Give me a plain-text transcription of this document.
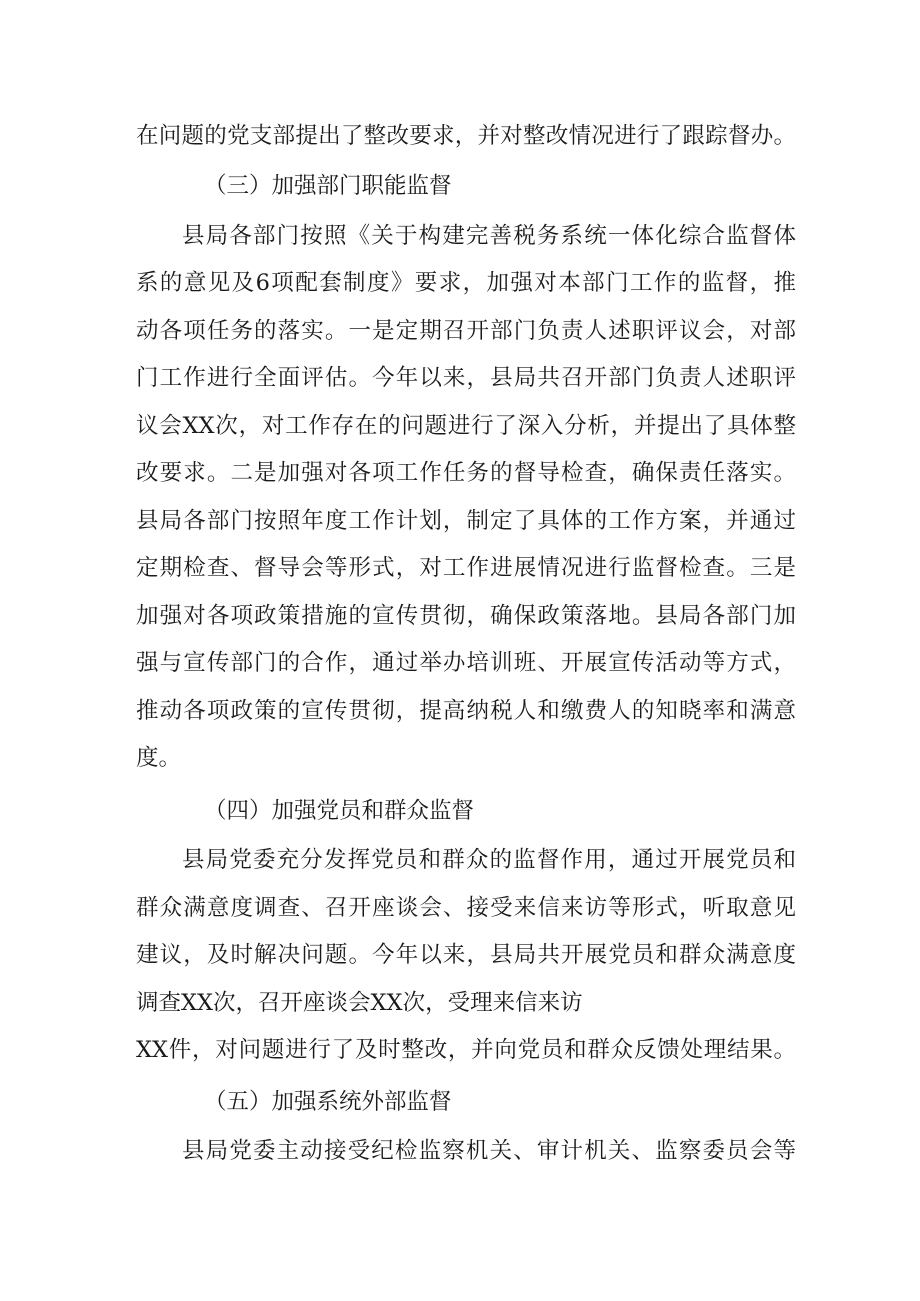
在问题的党支部提出了整改要求，并对整改情况进行了跟踪督办。
（三）加强部门职能监督
县局各部门按照《关于构建完善税务系统一体化综合监督体
系的意见及6项配套制度》要求，加强对本部门工作的监督，推
动各项任务的落实。一是定期召开部门负责人述职评议会，对部
门工作进行全面评估。今年以来，县局共召开部门负责人述职评
议会XX次，对工作存在的问题进行了深入分析，并提出了具体整
改要求。二是加强对各项工作任务的督导检查，确保责任落实。
县局各部门按照年度工作计划，制定了具体的工作方案，并通过
定期检查、督导会等形式，对工作进展情况进行监督检查。三是
加强对各项政策措施的宣传贯彻，确保政策落地。县局各部门加
强与宣传部门的合作，通过举办培训班、开展宣传活动等方式，
推动各项政策的宣传贯彻，提高纳税人和缴费人的知晓率和满意
度。
（四）加强党员和群众监督
县局党委充分发挥党员和群众的监督作用，通过开展党员和
群众满意度调查、召开座谈会、接受来信来访等形式，听取意见
建议，及时解决问题。今年以来，县局共开展党员和群众满意度
调查XX次，召开座谈会XX次，受理来信来访
XX件，对问题进行了及时整改，并向党员和群众反馈处理结果。
（五）加强系统外部监督
县局党委主动接受纪检监察机关、审计机关、监察委员会等
